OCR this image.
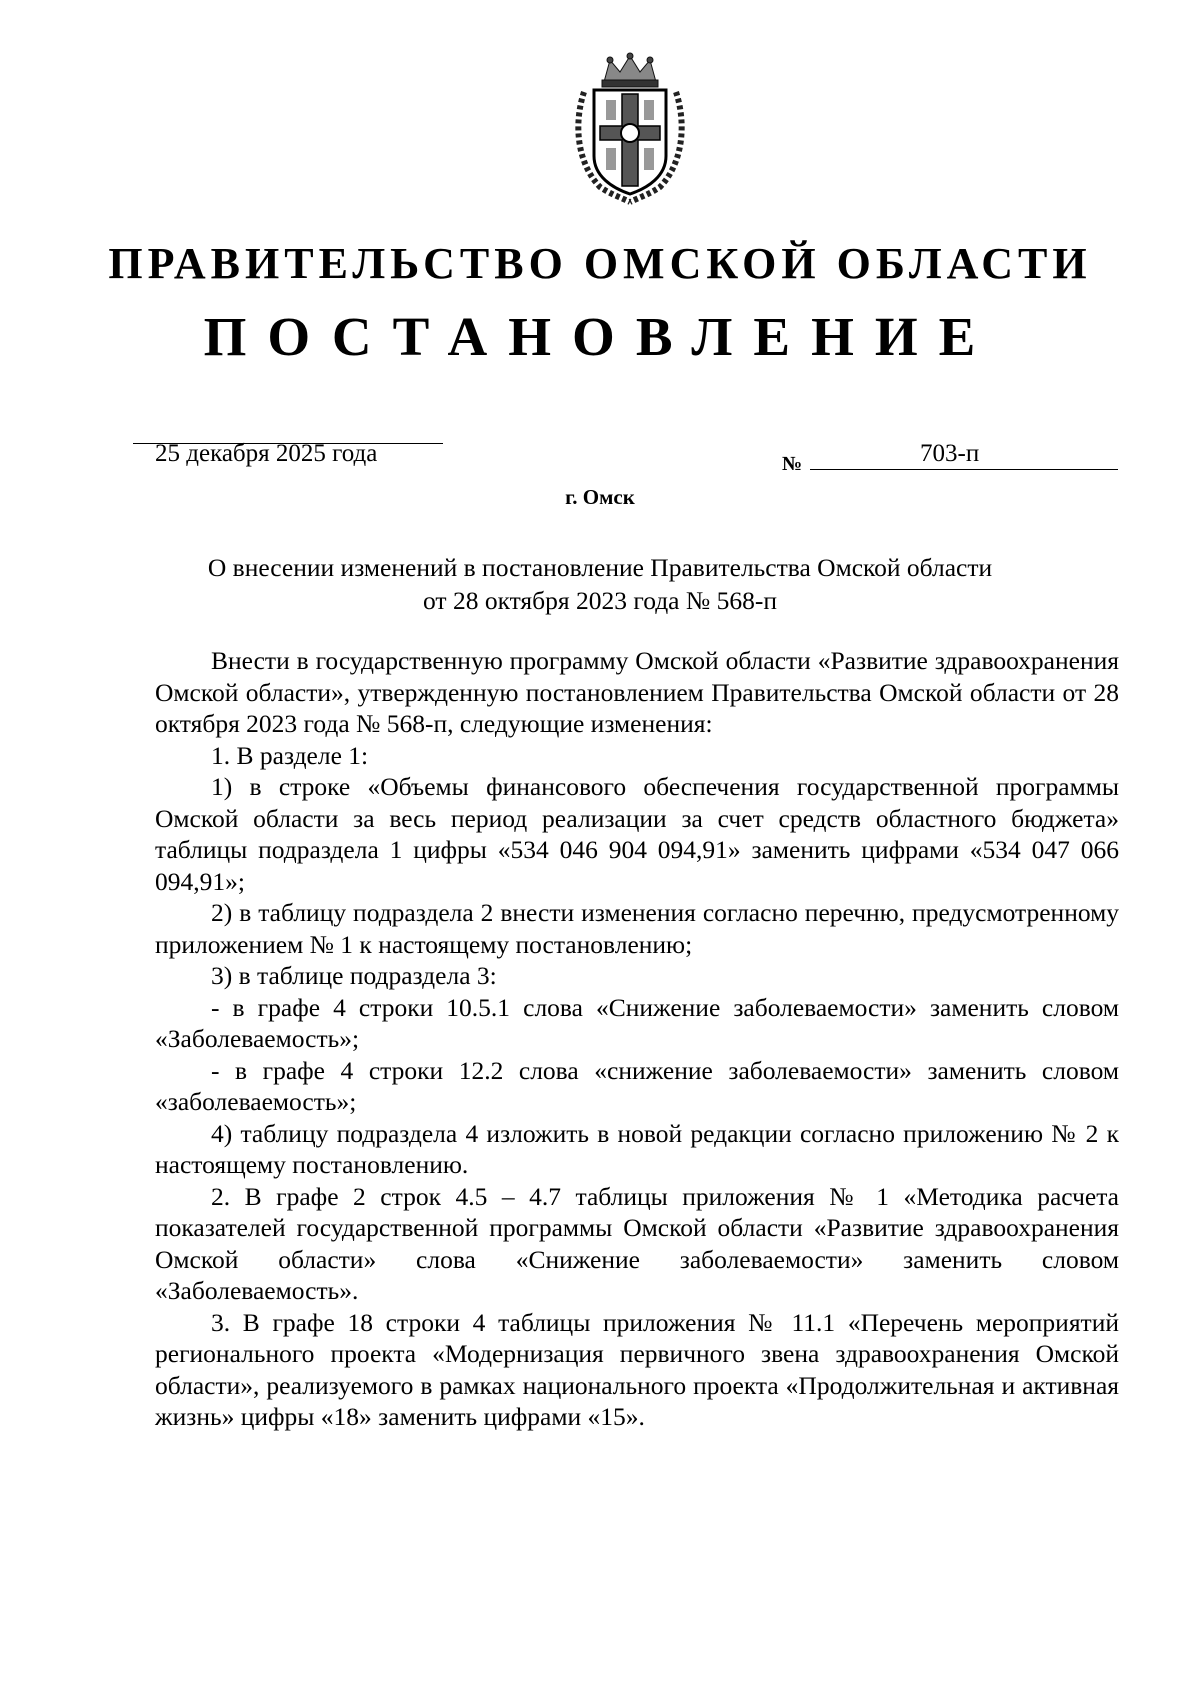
ПРАВИТЕЛЬСТВО ОМСКОЙ ОБЛАСТИ
ПОСТАНОВЛЕНИЕ
25 декабря 2025 года	№	703-п
г. Омск
О внесении изменений в постановление Правительства Омской области
от 28 октября 2023 года № 568-п

Внести в государственную программу Омской области «Развитие здравоохранения Омской области», утвержденную постановлением Правительства Омской области от 28 октября 2023 года № 568-п, следующие изменения:

1. В разделе 1:

1) в строке «Объемы финансового обеспечения государственной программы Омской области за весь период реализации за счет средств областного бюджета» таблицы подраздела 1 цифры «534 046 904 094,91» заменить цифрами «534 047 066 094,91»;

2) в таблицу подраздела 2 внести изменения согласно перечню, предусмотренному приложением № 1 к настоящему постановлению;

3) в таблице подраздела 3:

- в графе 4 строки 10.5.1 слова «Снижение заболеваемости» заменить словом «Заболеваемость»;

- в графе 4 строки 12.2 слова «снижение заболеваемости» заменить словом «заболеваемость»;

4) таблицу подраздела 4 изложить в новой редакции согласно приложению № 2 к настоящему постановлению.

2. В графе 2 строк 4.5 – 4.7 таблицы приложения № 1 «Методика расчета показателей государственной программы Омской области «Развитие здравоохранения Омской области» слова «Снижение заболеваемости» заменить словом «Заболеваемость».

3. В графе 18 строки 4 таблицы приложения № 11.1 «Перечень мероприятий регионального проекта «Модернизация первичного звена здравоохранения Омской области», реализуемого в рамках национального проекта «Продолжительная и активная жизнь» цифры «18» заменить цифрами «15».
